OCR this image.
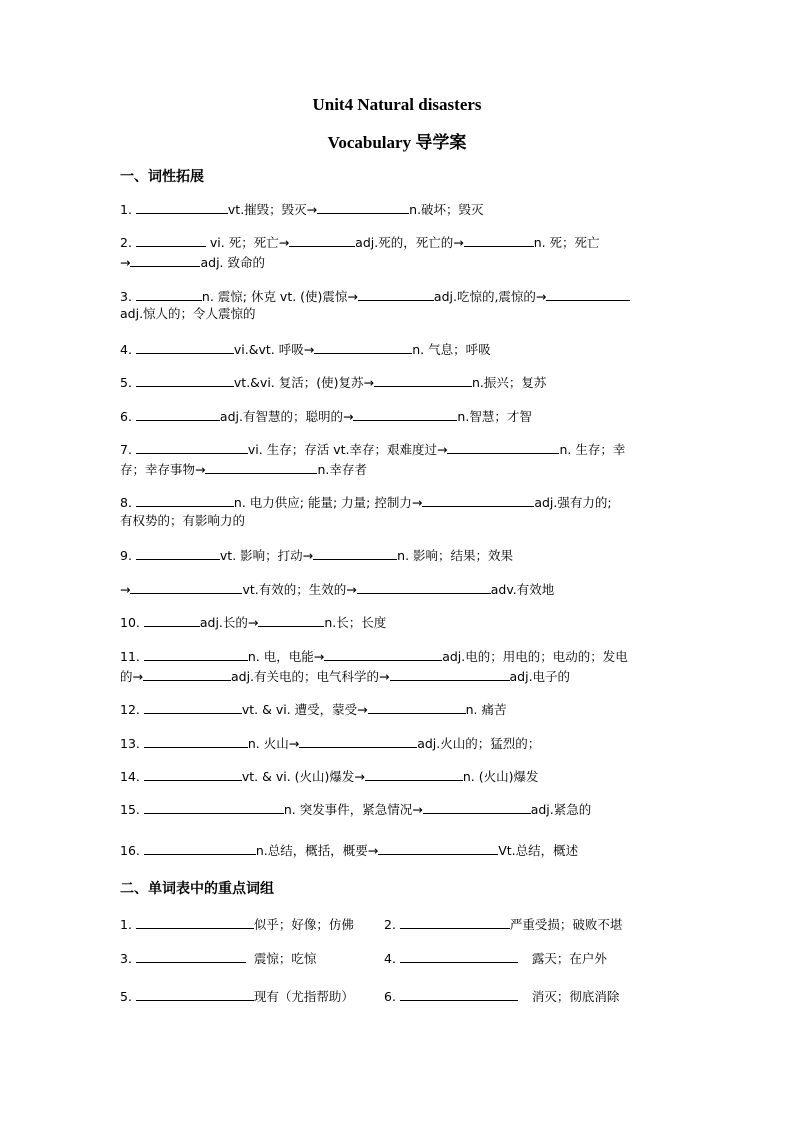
Unit4 Natural disasters
Vocabulary 导学案
一、词性拓展
1.	vt.摧毁；毁灭→	n.破坏；毁灭
2.	vi. 死；死亡→	adj.死的，死亡的→	n. 死；死亡
→	adj. 致命的
3.	n. 震惊; 休克 vt. (使)震惊→	adj.吃惊的,震惊的→
adj.惊人的；令人震惊的
4.	vi.&vt. 呼吸→	n. 气息；呼吸
5.	vt.&vi. 复活；(使)复苏→	n.振兴；复苏
6.	adj.有智慧的；聪明的→	n.智慧；才智
7.	vi. 生存；存活 vt.幸存；艰难度过→	n. 生存；幸
存；幸存事物→	n.幸存者
8.	n. 电力供应; 能量; 力量; 控制力→	adj.强有力的;
有权势的；有影响力的
9.	vt. 影响；打动→	n. 影响；结果；效果
→	vt.有效的；生效的→	adv.有效地
10.	adj.长的→	n.长；长度
11.	n. 电，电能→	adj.电的；用电的；电动的；发电
的→	adj.有关电的；电气科学的→	adj.电子的
12.	vt. & vi. 遭受，蒙受→	n. 痛苦
13.	n. 火山→	adj.火山的；猛烈的；
14.	vt. & vi. (火山)爆发→	n. (火山)爆发
15.	n. 突发事件，紧急情况→	adj.紧急的
16.	n.总结，概括，概要→	Vt.总结，概述
二、单词表中的重点词组
1.	似乎；好像；仿佛 2.	严重受损；破败不堪
3.	震惊；吃惊	4.	露天；在户外
5.	现有（尤指帮助） 6.	消灭；彻底消除
